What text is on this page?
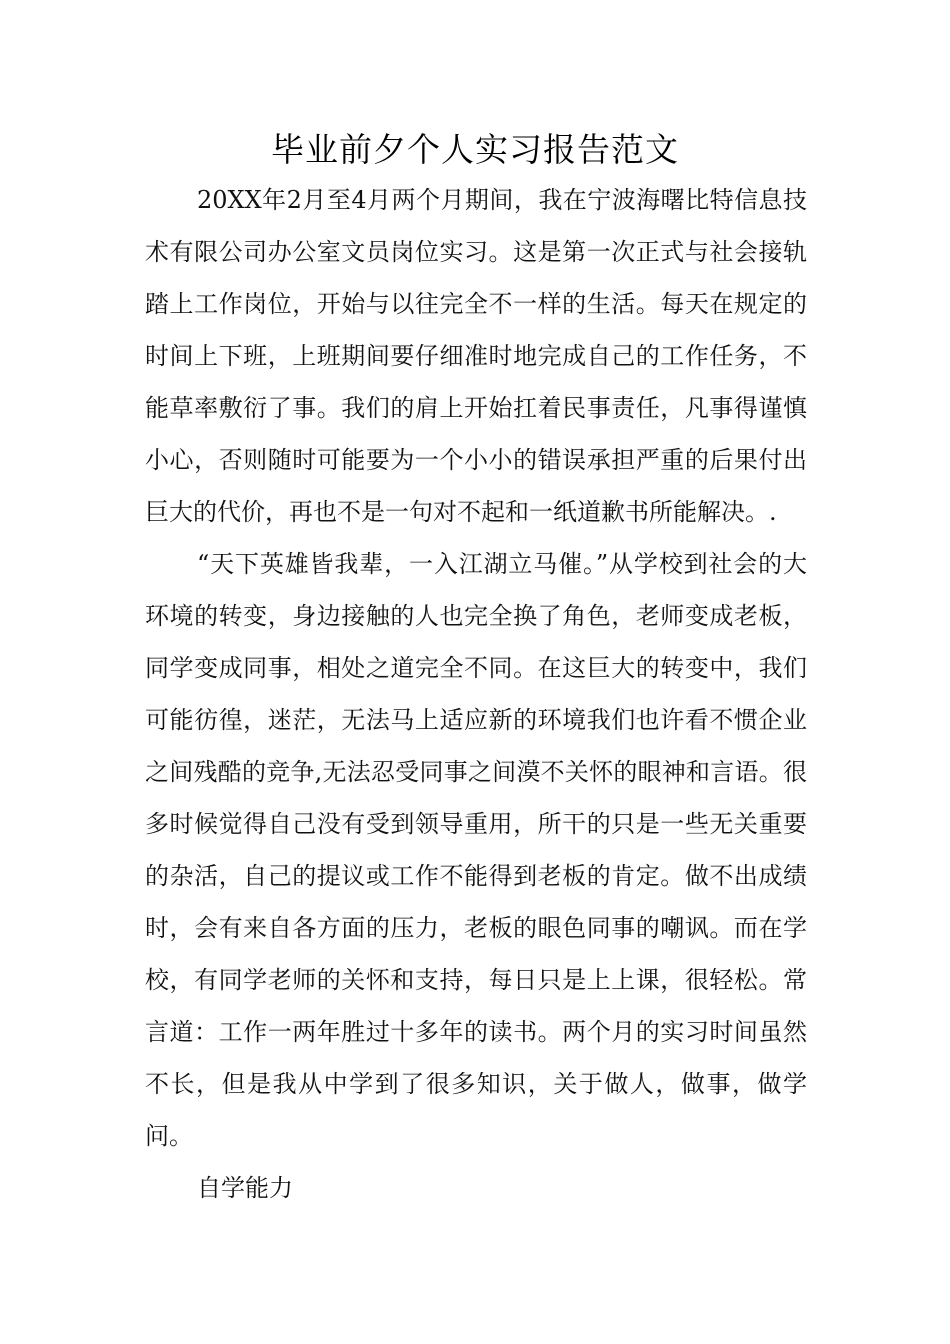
毕业前夕个人实习报告范文

20XX年2月至4月两个月期间，我在宁波海曙比特信息技术有限公司办公室文员岗位实习。这是第一次正式与社会接轨踏上工作岗位，开始与以往完全不一样的生活。每天在规定的时间上下班，上班期间要仔细准时地完成自己的工作任务，不能草率敷衍了事。我们的肩上开始扛着民事责任，凡事得谨慎小心，否则随时可能要为一个小小的错误承担严重的后果付出巨大的代价，再也不是一句对不起和一纸道歉书所能解决。.

“天下英雄皆我辈，一入江湖立马催。”从学校到社会的大环境的转变，身边接触的人也完全换了角色，老师变成老板，同学变成同事，相处之道完全不同。在这巨大的转变中，我们可能彷徨，迷茫，无法马上适应新的环境我们也许看不惯企业之间残酷的竞争,无法忍受同事之间漠不关怀的眼神和言语。很多时候觉得自己没有受到领导重用，所干的只是一些无关重要的杂活，自己的提议或工作不能得到老板的肯定。做不出成绩时，会有来自各方面的压力，老板的眼色同事的嘲讽。而在学校，有同学老师的关怀和支持，每日只是上上课，很轻松。常言道：工作一两年胜过十多年的读书。两个月的实习时间虽然不长，但是我从中学到了很多知识，关于做人，做事，做学问。

自学能力
